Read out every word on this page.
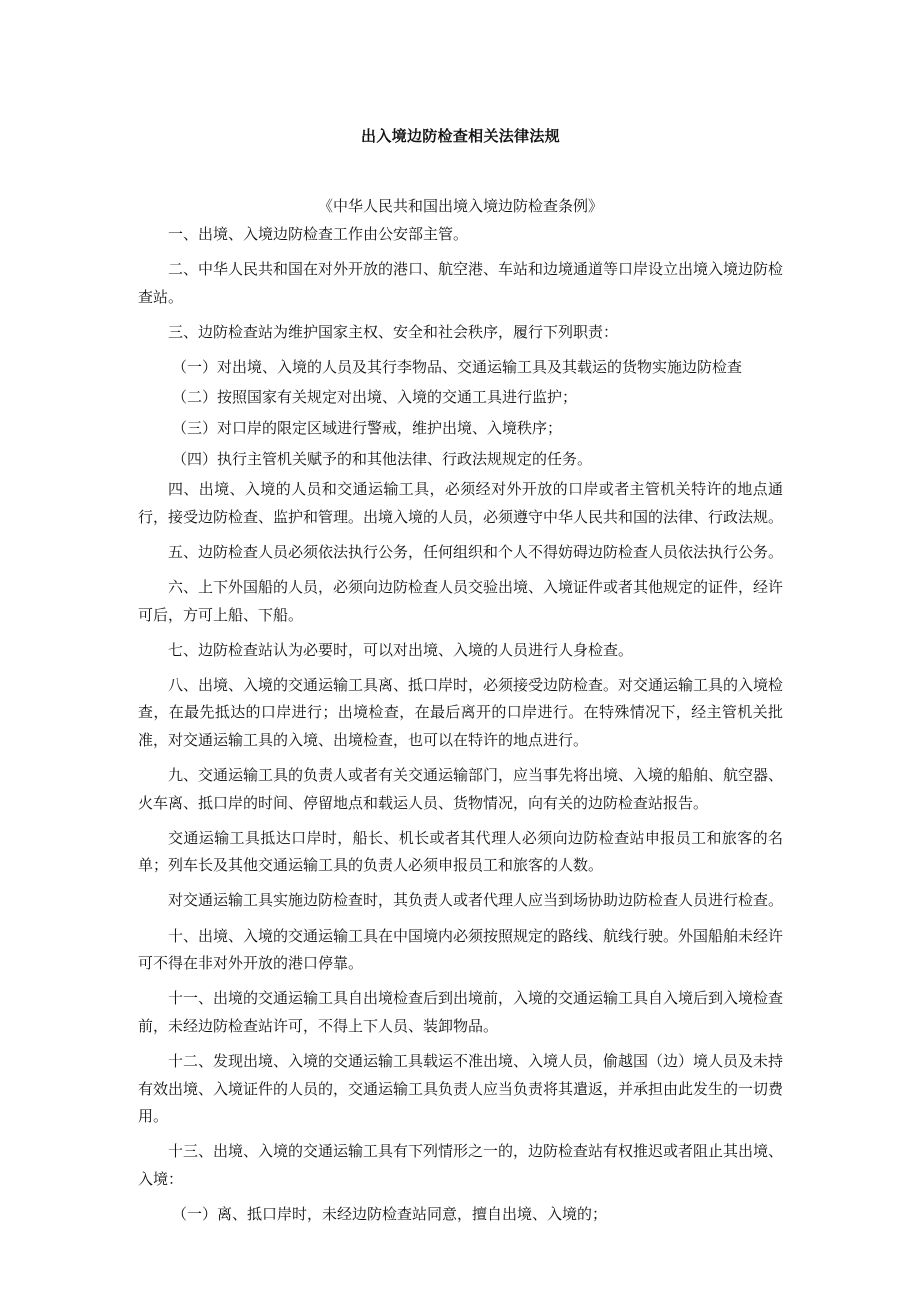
出入境边防检查相关法律法规

《中华人民共和国出境入境边防检查条例》

一、出境、入境边防检查工作由公安部主管。

二、中华人民共和国在对外开放的港口、航空港、车站和边境通道等口岸设立出境入境边防检查站。

三、边防检查站为维护国家主权、安全和社会秩序，履行下列职责：

（一）对出境、入境的人员及其行李物品、交通运输工具及其载运的货物实施边防检查

（二）按照国家有关规定对出境、入境的交通工具进行监护；

（三）对口岸的限定区域进行警戒，维护出境、入境秩序；

（四）执行主管机关赋予的和其他法律、行政法规规定的任务。

四、出境、入境的人员和交通运输工具，必须经对外开放的口岸或者主管机关特许的地点通行，接受边防检查、监护和管理。出境入境的人员，必须遵守中华人民共和国的法律、行政法规。

五、边防检查人员必须依法执行公务，任何组织和个人不得妨碍边防检查人员依法执行公务。

六、上下外国船的人员，必须向边防检查人员交验出境、入境证件或者其他规定的证件，经许可后，方可上船、下船。

七、边防检查站认为必要时，可以对出境、入境的人员进行人身检查。

八、出境、入境的交通运输工具离、抵口岸时，必须接受边防检查。对交通运输工具的入境检查，在最先抵达的口岸进行；出境检查，在最后离开的口岸进行。在特殊情况下，经主管机关批准，对交通运输工具的入境、出境检查，也可以在特许的地点进行。

九、交通运输工具的负责人或者有关交通运输部门，应当事先将出境、入境的船舶、航空器、火车离、抵口岸的时间、停留地点和载运人员、货物情况，向有关的边防检查站报告。

交通运输工具抵达口岸时，船长、机长或者其代理人必须向边防检查站申报员工和旅客的名单；列车长及其他交通运输工具的负责人必须申报员工和旅客的人数。

对交通运输工具实施边防检查时，其负责人或者代理人应当到场协助边防检查人员进行检查。

十、出境、入境的交通运输工具在中国境内必须按照规定的路线、航线行驶。外国船舶未经许可不得在非对外开放的港口停靠。

十一、出境的交通运输工具自出境检查后到出境前，入境的交通运输工具自入境后到入境检查前，未经边防检查站许可，不得上下人员、装卸物品。

十二、发现出境、入境的交通运输工具载运不准出境、入境人员，偷越国（边）境人员及未持有效出境、入境证件的人员的，交通运输工具负责人应当负责将其遣返，并承担由此发生的一切费用。

十三、出境、入境的交通运输工具有下列情形之一的，边防检查站有权推迟或者阻止其出境、入境：

（一）离、抵口岸时，未经边防检查站同意，擅自出境、入境的；
